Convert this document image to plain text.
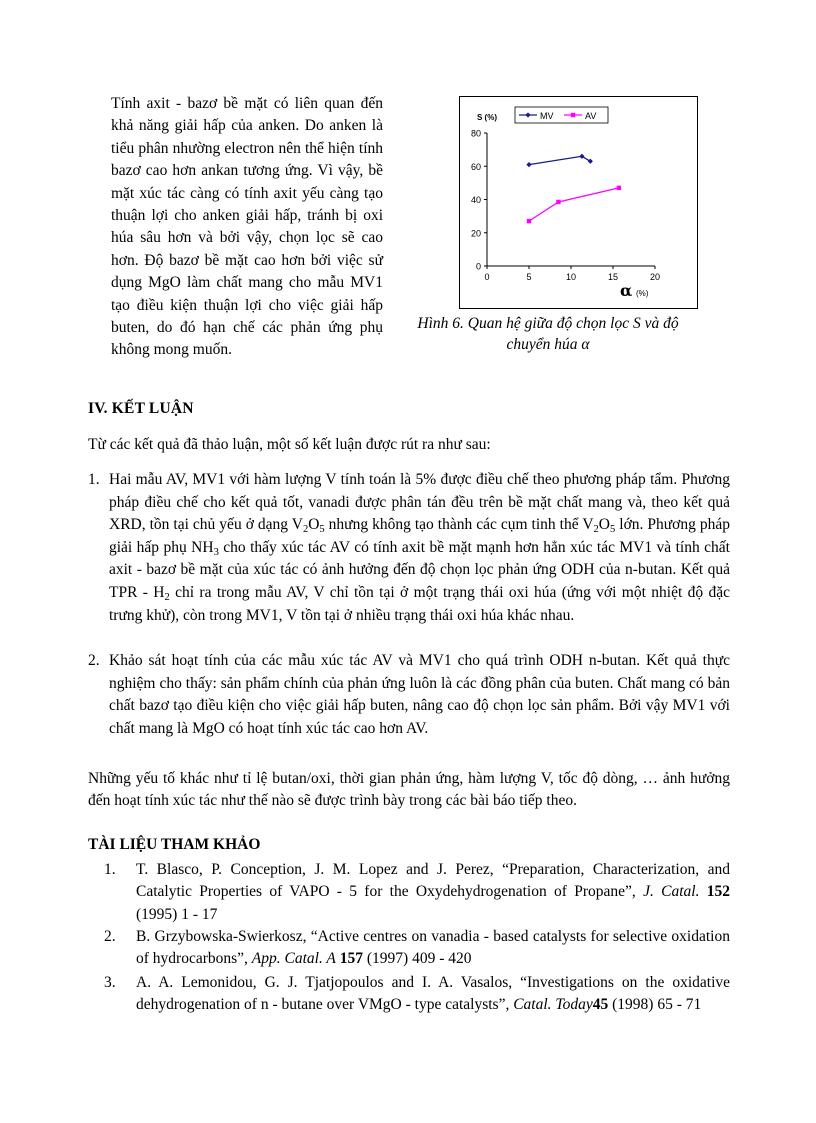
Tính axit - bazơ bề mặt có liên quan đến khả năng giải hấp của anken. Do anken là tiểu phân nhường electron nên thể hiện tính bazơ cao hơn ankan tương ứng. Vì vậy, bề mặt xúc tác càng có tính axit yếu càng tạo thuận lợi cho anken giải hấp, tránh bị oxi húa sâu hơn và bởi vậy, chọn lọc sẽ cao hơn. Độ bazơ bề mặt cao hơn bởi việc sử dụng MgO làm chất mang cho mẫu MV1 tạo điều kiện thuận lợi cho việc giải hấp buten, do đó hạn chế các phản ứng phụ không mong muốn.
0
20
40
60
80
0	5	10	15	20
S (%)
α (%)
MV	AV
Hình 6. Quan hệ giữa độ chọn lọc S và độ chuyển húa α
IV. KẾT LUẬN
Từ các kết quả đã thảo luận, một số kết luận được rút ra như sau:
1. Hai mẫu AV, MV1 với hàm lượng V tính toán là 5% được điều chế theo phương pháp tẩm. Phương pháp điều chế cho kết quả tốt, vanadi được phân tán đều trên bề mặt chất mang và, theo kết quả XRD, tồn tại chủ yếu ở dạng $V_2O_5$ nhưng không tạo thành các cụm tinh thể $V_2O_5$ lớn. Phương pháp giải hấp phụ $NH_3$ cho thấy xúc tác AV có tính axit bề mặt mạnh hơn hẳn xúc tác MV1 và tính chất axit - bazơ bề mặt của xúc tác có ảnh hưởng đến độ chọn lọc phản ứng ODH của n-butan. Kết quả TPR - $H_2$ chỉ ra trong mẫu AV, V chỉ tồn tại ở một trạng thái oxi húa (ứng với một nhiệt độ đặc trưng khử), còn trong MV1, V tồn tại ở nhiều trạng thái oxi húa khác nhau.
2. Khảo sát hoạt tính của các mẫu xúc tác AV và MV1 cho quá trình ODH n-butan. Kết quả thực nghiệm cho thấy: sản phẩm chính của phản ứng luôn là các đồng phân của buten. Chất mang có bản chất bazơ tạo điều kiện cho việc giải hấp buten, nâng cao độ chọn lọc sản phẩm. Bởi vậy MV1 với chất mang là MgO có hoạt tính xúc tác cao hơn AV.
Những yếu tố khác như tỉ lệ butan/oxi, thời gian phản ứng, hàm lượng V, tốc độ dòng, … ảnh hưởng đến hoạt tính xúc tác như thế nào sẽ được trình bày trong các bài báo tiếp theo.
TÀI LIỆU THAM KHẢO
1. T. Blasco, P. Conception, J. M. Lopez and J. Perez, “Preparation, Characterization, and Catalytic Properties of VAPO - 5 for the Oxydehydrogenation of Propane”, J. Catal. 152 (1995) 1 - 17
2. B. Grzybowska-Swierkosz, “Active centres on vanadia - based catalysts for selective oxidation of hydrocarbons”, App. Catal. A 157 (1997) 409 - 420
3. A. A. Lemonidou, G. J. Tjatjopoulos and I. A. Vasalos, “Investigations on the oxidative dehydrogenation of n - butane over VMgO - type catalysts”, Catal. Today45 (1998) 65 - 71
